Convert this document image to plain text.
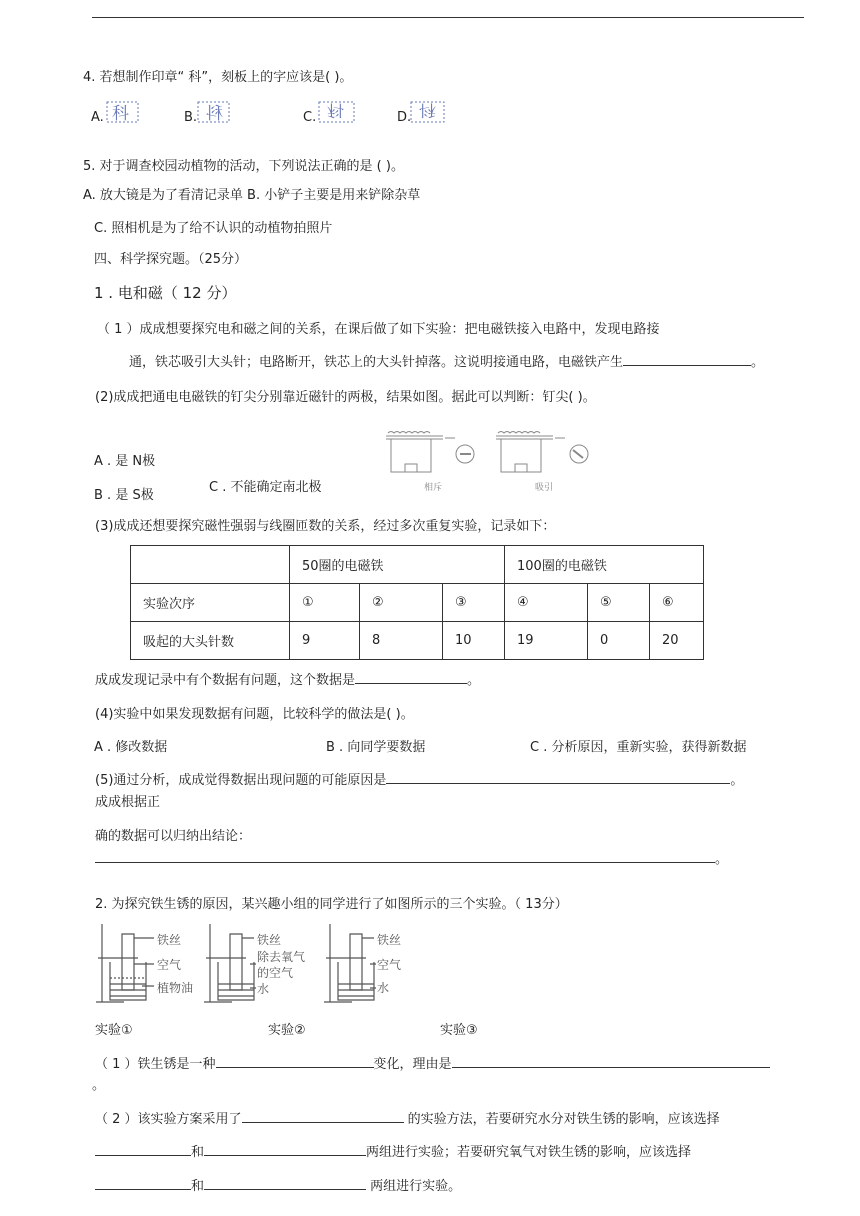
4. 若想制作印章“ 科”，刻板上的字应该是( )。
A. 科	B. 科	C. 科	D. 科
5. 对于调查校园动植物的活动，下列说法正确的是 ( )。
A. 放大镜是为了看清记录单 B. 小铲子主要是用来铲除杂草
C. 照相机是为了给不认识的动植物拍照片
四、科学探究题。（25分）
1 . 电和磁（ 12 分）
（ 1 ）成成想要探究电和磁之间的关系，在课后做了如下实验：把电磁铁接入电路中，发现电路接
通，铁芯吸引大头针；电路断开，铁芯上的大头针掉落。这说明接通电路，电磁铁产生	。
(2)成成把通电电磁铁的钉尖分别靠近磁针的两极，结果如图。据此可以判断：钉尖( )。
A . 是 N极
B . 是 S极
C . 不能确定南北极	相斥	吸引
(3)成成还想要探究磁性强弱与线圈匝数的关系，经过多次重复实验，记录如下：
	50圈的电磁铁			100圈的电磁铁		
实验次序	①	②	③	④	⑤	⑥
吸起的大头针数	9	8	10	19	0	20
成成发现记录中有个数据有问题，这个数据是	。
(4)实验中如果发现数据有问题，比较科学的做法是( )。
A . 修改数据	B . 向同学要数据	C . 分析原因，重新实验，获得新数据
(5)通过分析，成成觉得数据出现问题的可能原因是	。
成成根据正
确的数据可以归纳出结论：
。
2. 为探究铁生锈的原因，某兴趣小组的同学进行了如图所示的三个实验。（ 13分）
铁丝
空气
植物油
铁丝
除去氧气
的空气
水
铁丝
空气
水
实验①	实验②	实验③
（ 1 ）铁生锈是一种	变化，理由是
。
（ 2 ）该实验方案采用了	的实验方法，若要研究水分对铁生锈的影响，应该选择
和	两组进行实验；若要研究氧气对铁生锈的影响，应该选择
和	两组进行实验。
